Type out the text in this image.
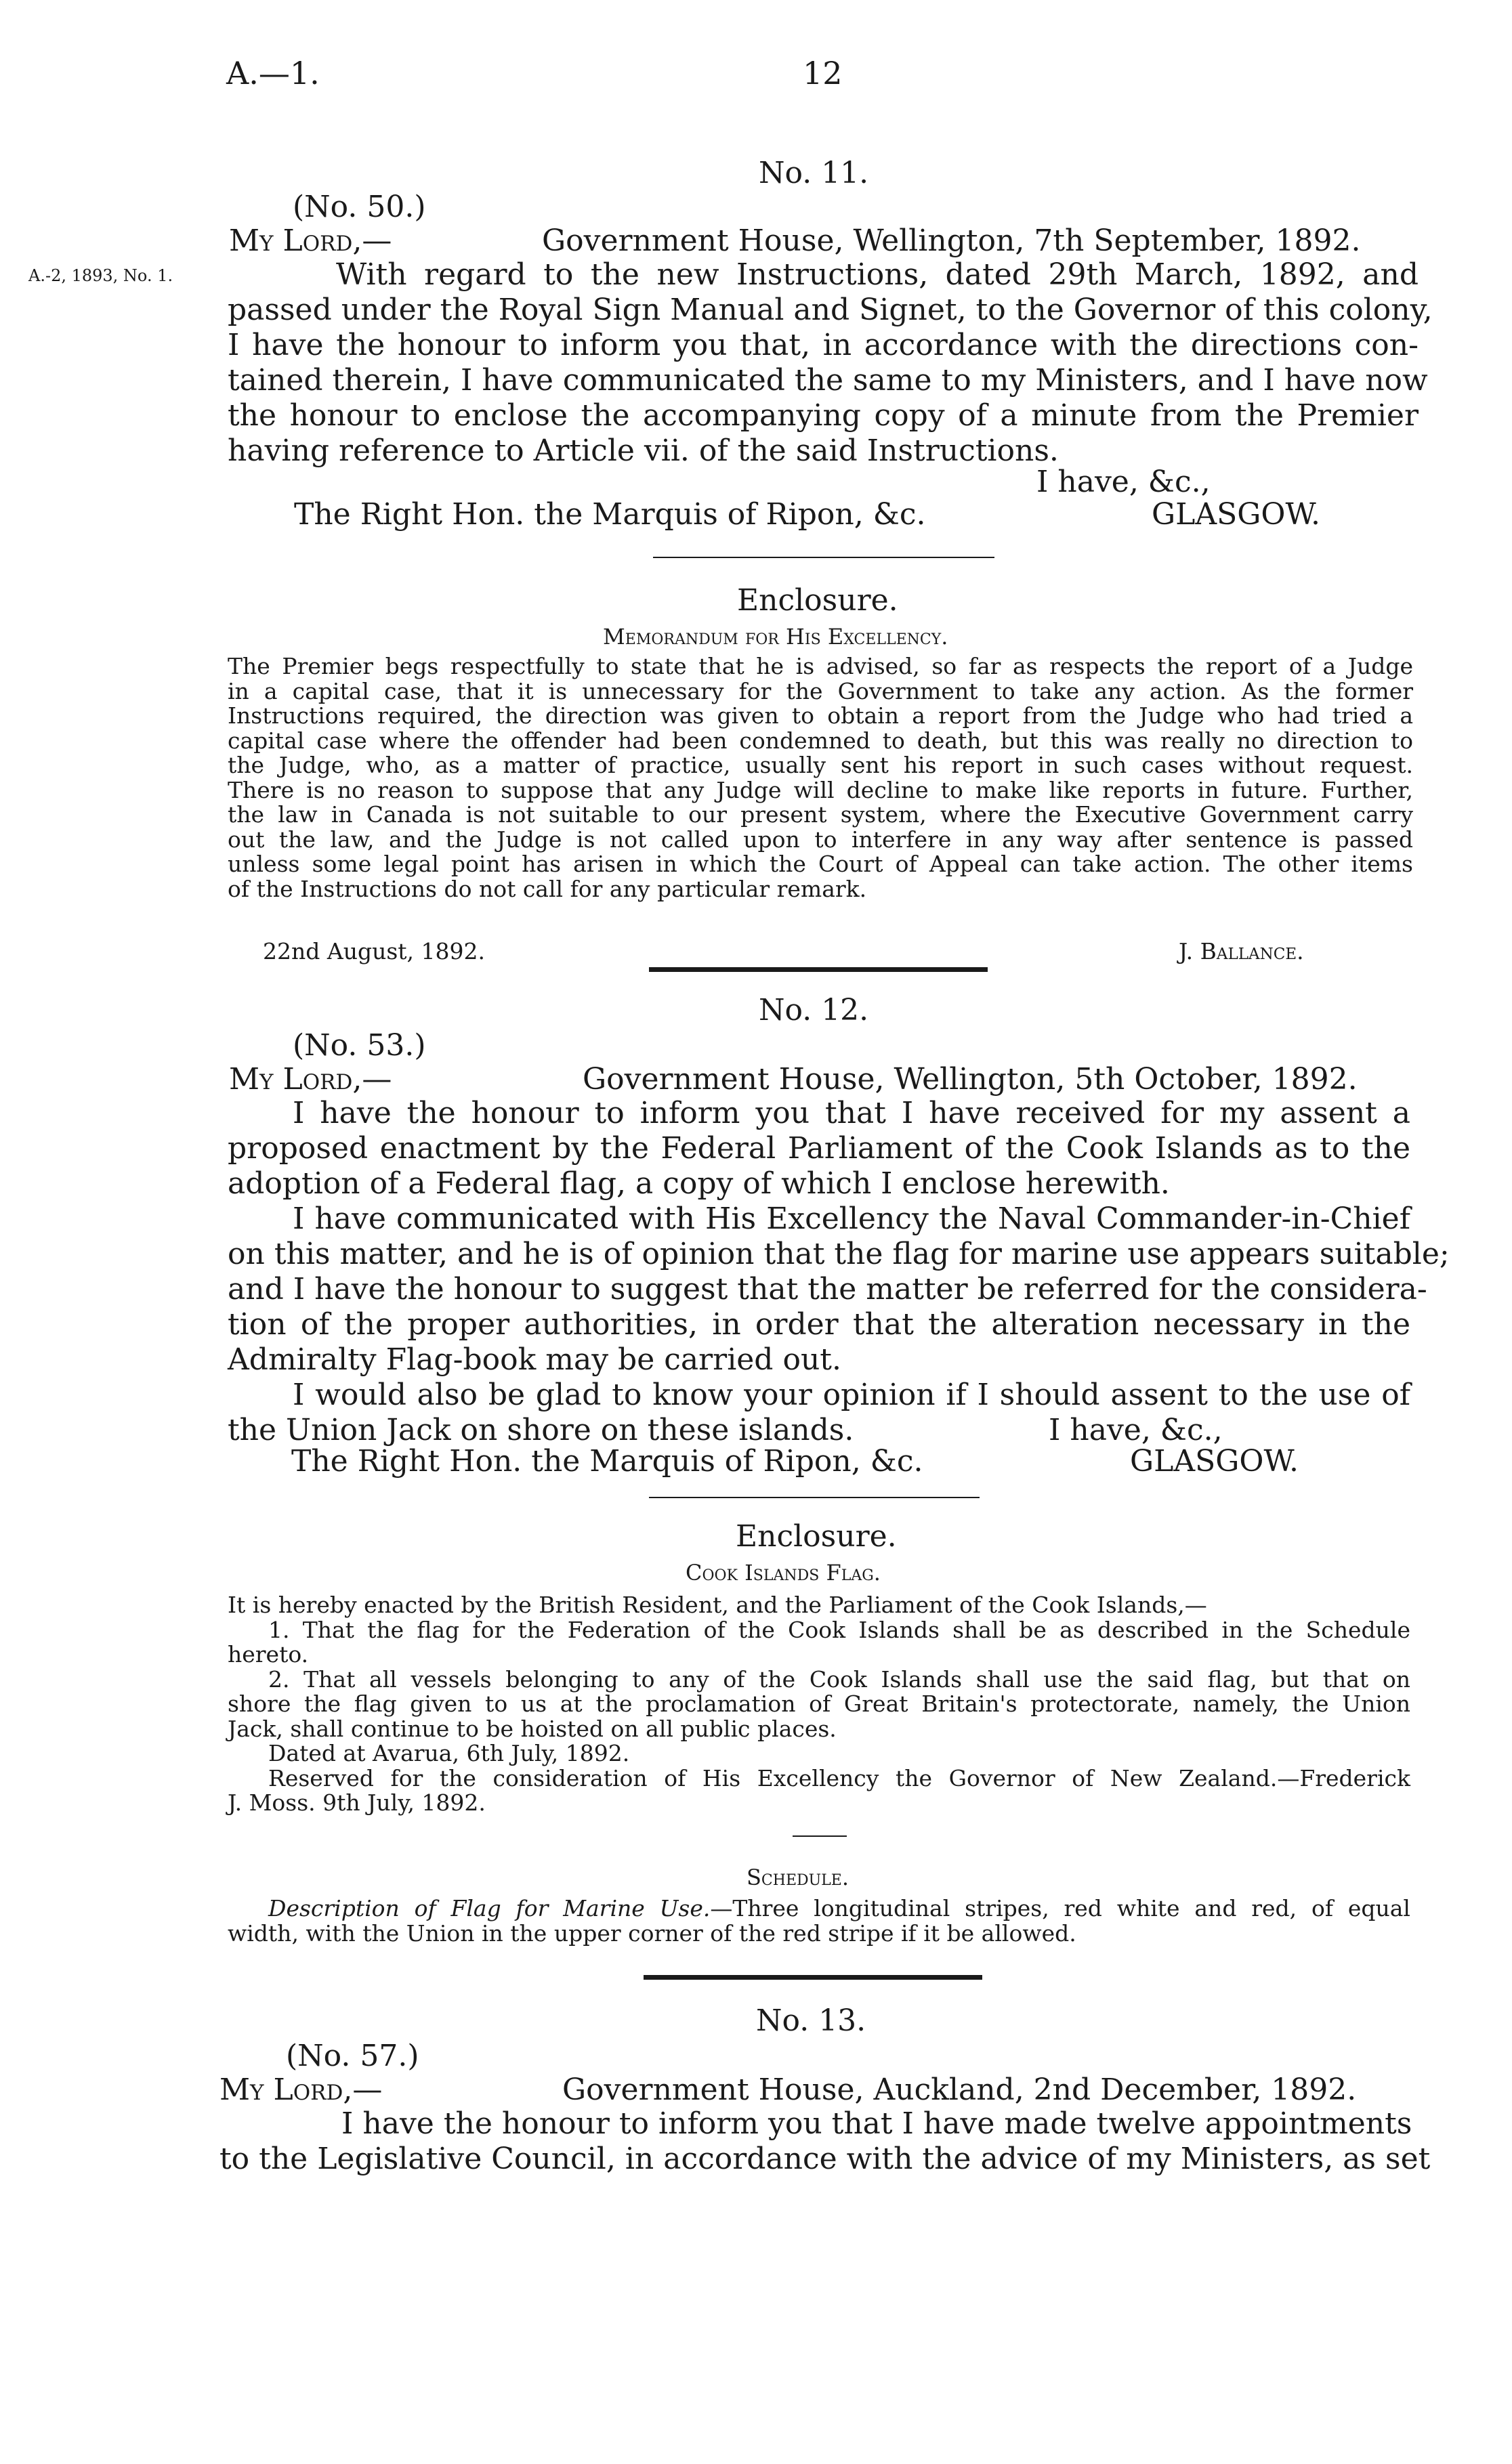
A.—1.	12
No. 11.
(No. 50.)
My Lord,—	Government House, Wellington, 7th September, 1892.
A.-2, 1893, No. 1.	With regard to the new Instructions, dated 29th March, 1892, and
passed under the Royal Sign Manual and Signet, to the Governor of this colony,
I have the honour to inform you that, in accordance with the directions con-
tained therein, I have communicated the same to my Ministers, and I have now
the honour to enclose the accompanying copy of a minute from the Premier
having reference to Article vii. of the said Instructions.
I have, &c.,
The Right Hon. the Marquis of Ripon, &c.	GLASGOW.
Enclosure.
Memorandum for His Excellency.
The Premier begs respectfully to state that he is advised, so far as respects the report of a Judge
in a capital case, that it is unnecessary for the Government to take any action. As the former
Instructions required, the direction was given to obtain a report from the Judge who had tried a
capital case where the offender had been condemned to death, but this was really no direction to
the Judge, who, as a matter of practice, usually sent his report in such cases without request.
There is no reason to suppose that any Judge will decline to make like reports in future. Further,
the law in Canada is not suitable to our present system, where the Executive Government carry
out the law, and the Judge is not called upon to interfere in any way after sentence is passed
unless some legal point has arisen in which the Court of Appeal can take action. The other items
of the Instructions do not call for any particular remark.
22nd August, 1892.	J. Ballance.
No. 12.
(No. 53.)
My Lord,—	Government House, Wellington, 5th October, 1892.
I have the honour to inform you that I have received for my assent a
proposed enactment by the Federal Parliament of the Cook Islands as to the
adoption of a Federal flag, a copy of which I enclose herewith.
I have communicated with His Excellency the Naval Commander-in-Chief
on this matter, and he is of opinion that the flag for marine use appears suitable;
and I have the honour to suggest that the matter be referred for the considera-
tion of the proper authorities, in order that the alteration necessary in the
Admiralty Flag-book may be carried out.
I would also be glad to know your opinion if I should assent to the use of
the Union Jack on shore on these islands.	I have, &c.,
The Right Hon. the Marquis of Ripon, &c.	GLASGOW.
Enclosure.
Cook Islands Flag.
It is hereby enacted by the British Resident, and the Parliament of the Cook Islands,—
1. That the flag for the Federation of the Cook Islands shall be as described in the Schedule
hereto.
2. That all vessels belonging to any of the Cook Islands shall use the said flag, but that on
shore the flag given to us at the proclamation of Great Britain's protectorate, namely, the Union
Jack, shall continue to be hoisted on all public places.
Dated at Avarua, 6th July, 1892.
Reserved for the consideration of His Excellency the Governor of New Zealand.—Frederick
J. Moss. 9th July, 1892.
Schedule.
Description of Flag for Marine Use.—Three longitudinal stripes, red white and red, of equal
width, with the Union in the upper corner of the red stripe if it be allowed.
No. 13.
(No. 57.)
My Lord,—	Government House, Auckland, 2nd December, 1892.
I have the honour to inform you that I have made twelve appointments
to the Legislative Council, in accordance with the advice of my Ministers, as set
